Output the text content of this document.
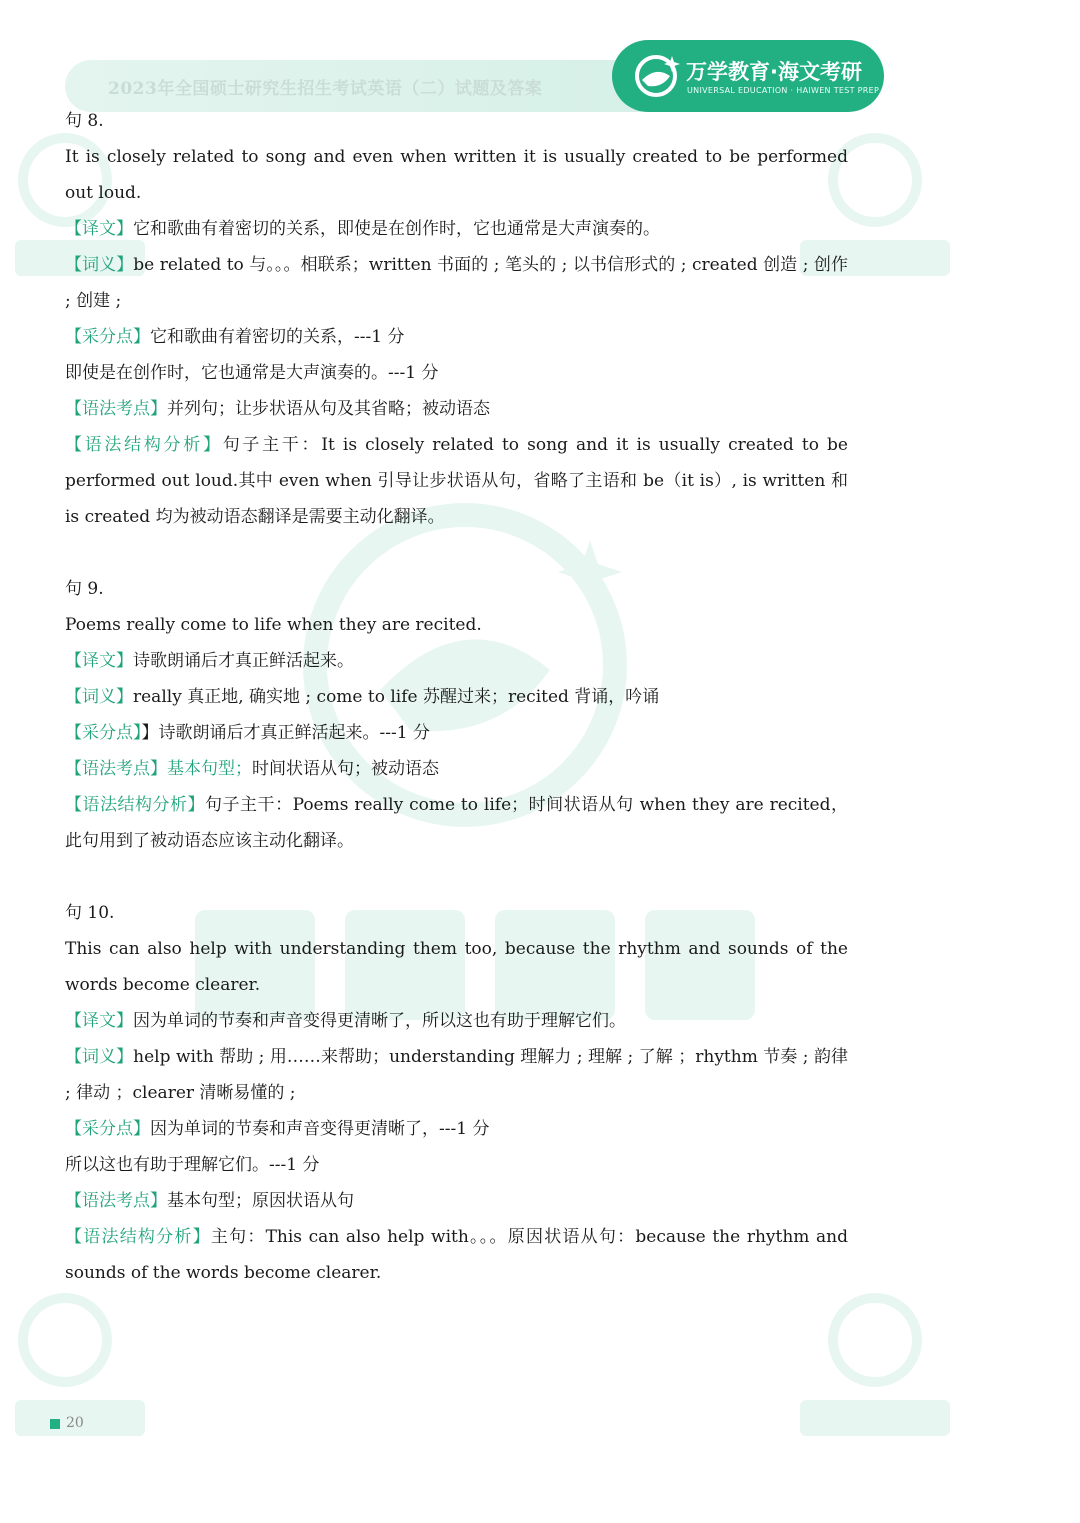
2023年全国硕士研究生招生考试英语（二）试题及答案
万学教育·海文考研
UNIVERSAL EDUCATION · HAIWEN TEST PREP

句 8.

It is closely related to song and even when written it is usually created to be performed out loud.

【译文】它和歌曲有着密切的关系，即使是在创作时，它也通常是大声演奏的。

【词义】be related to 与。。。相联系；written 书面的 ; 笔头的 ; 以书信形式的 ; created 创造 ; 创作 ; 创建 ;

【采分点】它和歌曲有着密切的关系，---1 分

即使是在创作时，它也通常是大声演奏的。---1 分

【语法考点】并列句；让步状语从句及其省略；被动语态

【语法结构分析】句子主干：It is closely related to song and it is usually created to be performed out loud.其中 even when 引导让步状语从句，省略了主语和 be（it is）, is written 和 is created 均为被动语态翻译是需要主动化翻译。

句 9.

Poems really come to life when they are recited.

【译文】诗歌朗诵后才真正鲜活起来。

【词义】really 真正地, 确实地 ; come to life 苏醒过来；recited 背诵，吟诵

【采分点】】诗歌朗诵后才真正鲜活起来。---1 分

【语法考点】基本句型；时间状语从句；被动语态

【语法结构分析】句子主干：Poems really come to life；时间状语从句 when they are recited，此句用到了被动语态应该主动化翻译。

句 10.

This can also help with understanding them too, because the rhythm and sounds of the words become clearer.

【译文】因为单词的节奏和声音变得更清晰了，所以这也有助于理解它们。

【词义】help with 帮助 ; 用……来帮助；understanding 理解力 ; 理解 ; 了解 ；rhythm 节奏 ; 韵律 ; 律动 ；clearer 清晰易懂的 ;

【采分点】因为单词的节奏和声音变得更清晰了，---1 分

所以这也有助于理解它们。---1 分

【语法考点】基本句型；原因状语从句

【语法结构分析】主句：This can also help with。。。原因状语从句：because the rhythm and sounds of the words become clearer.

20
